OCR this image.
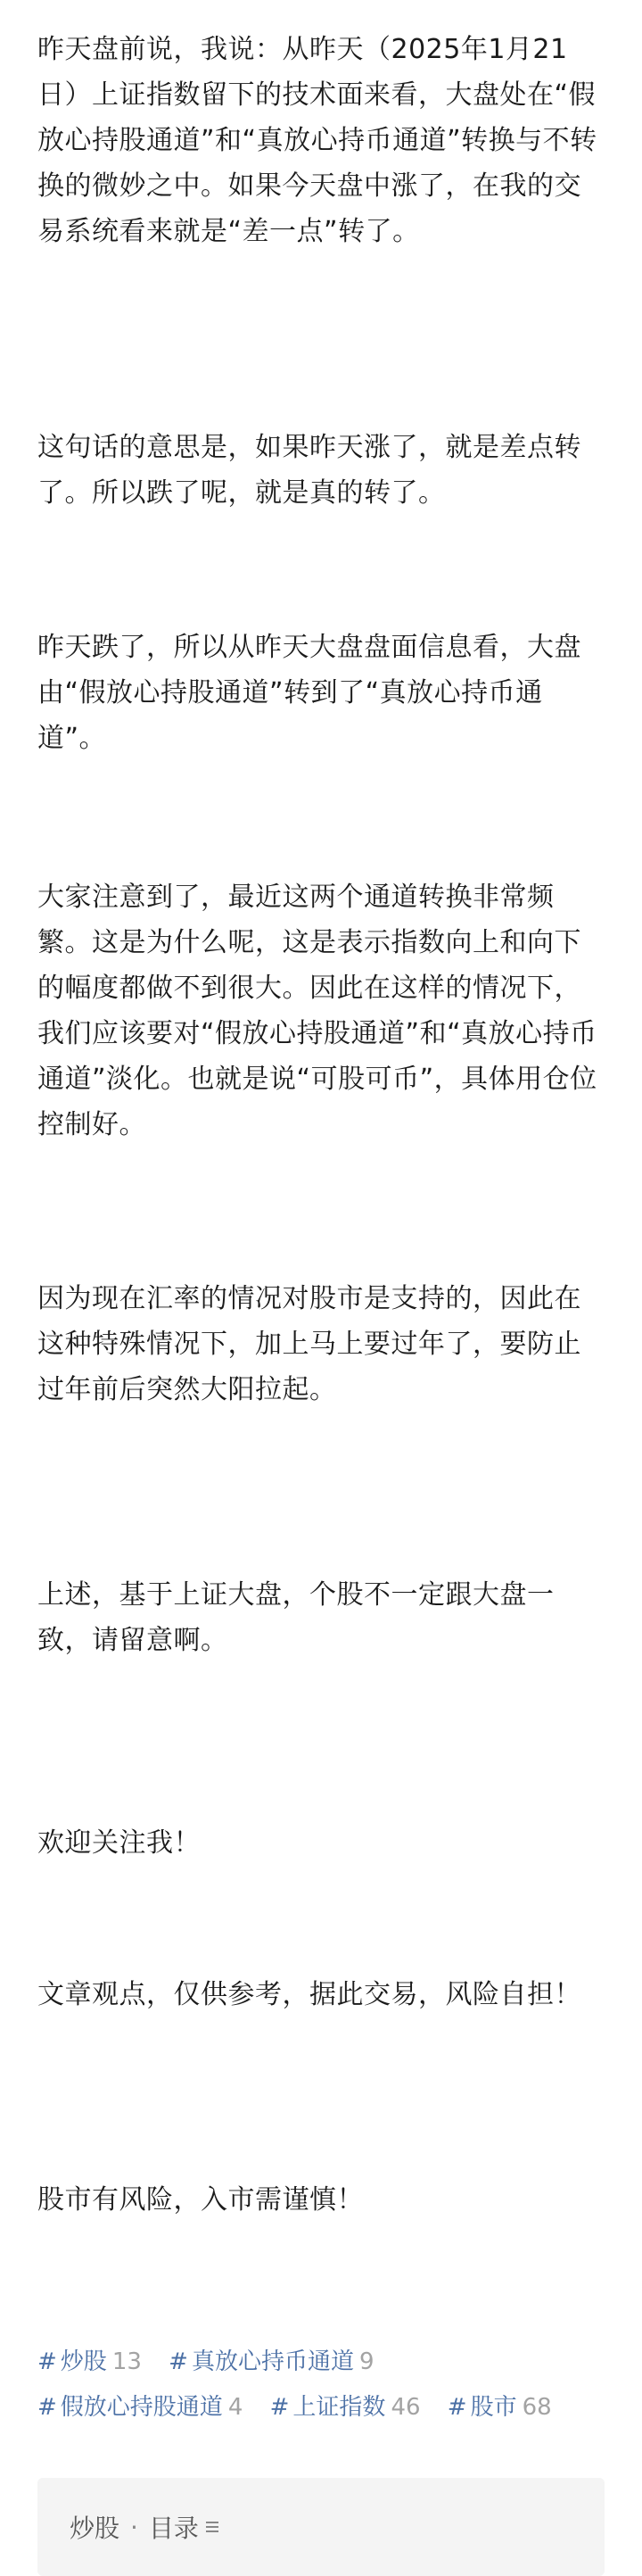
昨天盘前说，我说：从昨天（2025年1月21日）上证指数留下的技术面来看，大盘处在“假放心持股通道”和“真放心持币通道”转换与不转换的微妙之中。如果今天盘中涨了，在我的交易系统看来就是“差一点”转了。

这句话的意思是，如果昨天涨了，就是差点转了。所以跌了呢，就是真的转了。

昨天跌了，所以从昨天大盘盘面信息看，大盘由“假放心持股通道”转到了“真放心持币通道”。

大家注意到了，最近这两个通道转换非常频繁。这是为什么呢，这是表示指数向上和向下的幅度都做不到很大。因此在这样的情况下，我们应该要对“假放心持股通道”和“真放心持币通道”淡化。也就是说“可股可币”，具体用仓位控制好。

因为现在汇率的情况对股市是支持的，因此在这种特殊情况下，加上马上要过年了，要防止过年前后突然大阳拉起。

上述，基于上证大盘，个股不一定跟大盘一致，请留意啊。

欢迎关注我！

文章观点，仅供参考，据此交易，风险自担！

股市有风险，入市需谨慎！

# 炒股 13 # 真放心持币通道 9
# 假放心持股通道 4 # 上证指数 46 # 股市 68
炒股 · 目录
